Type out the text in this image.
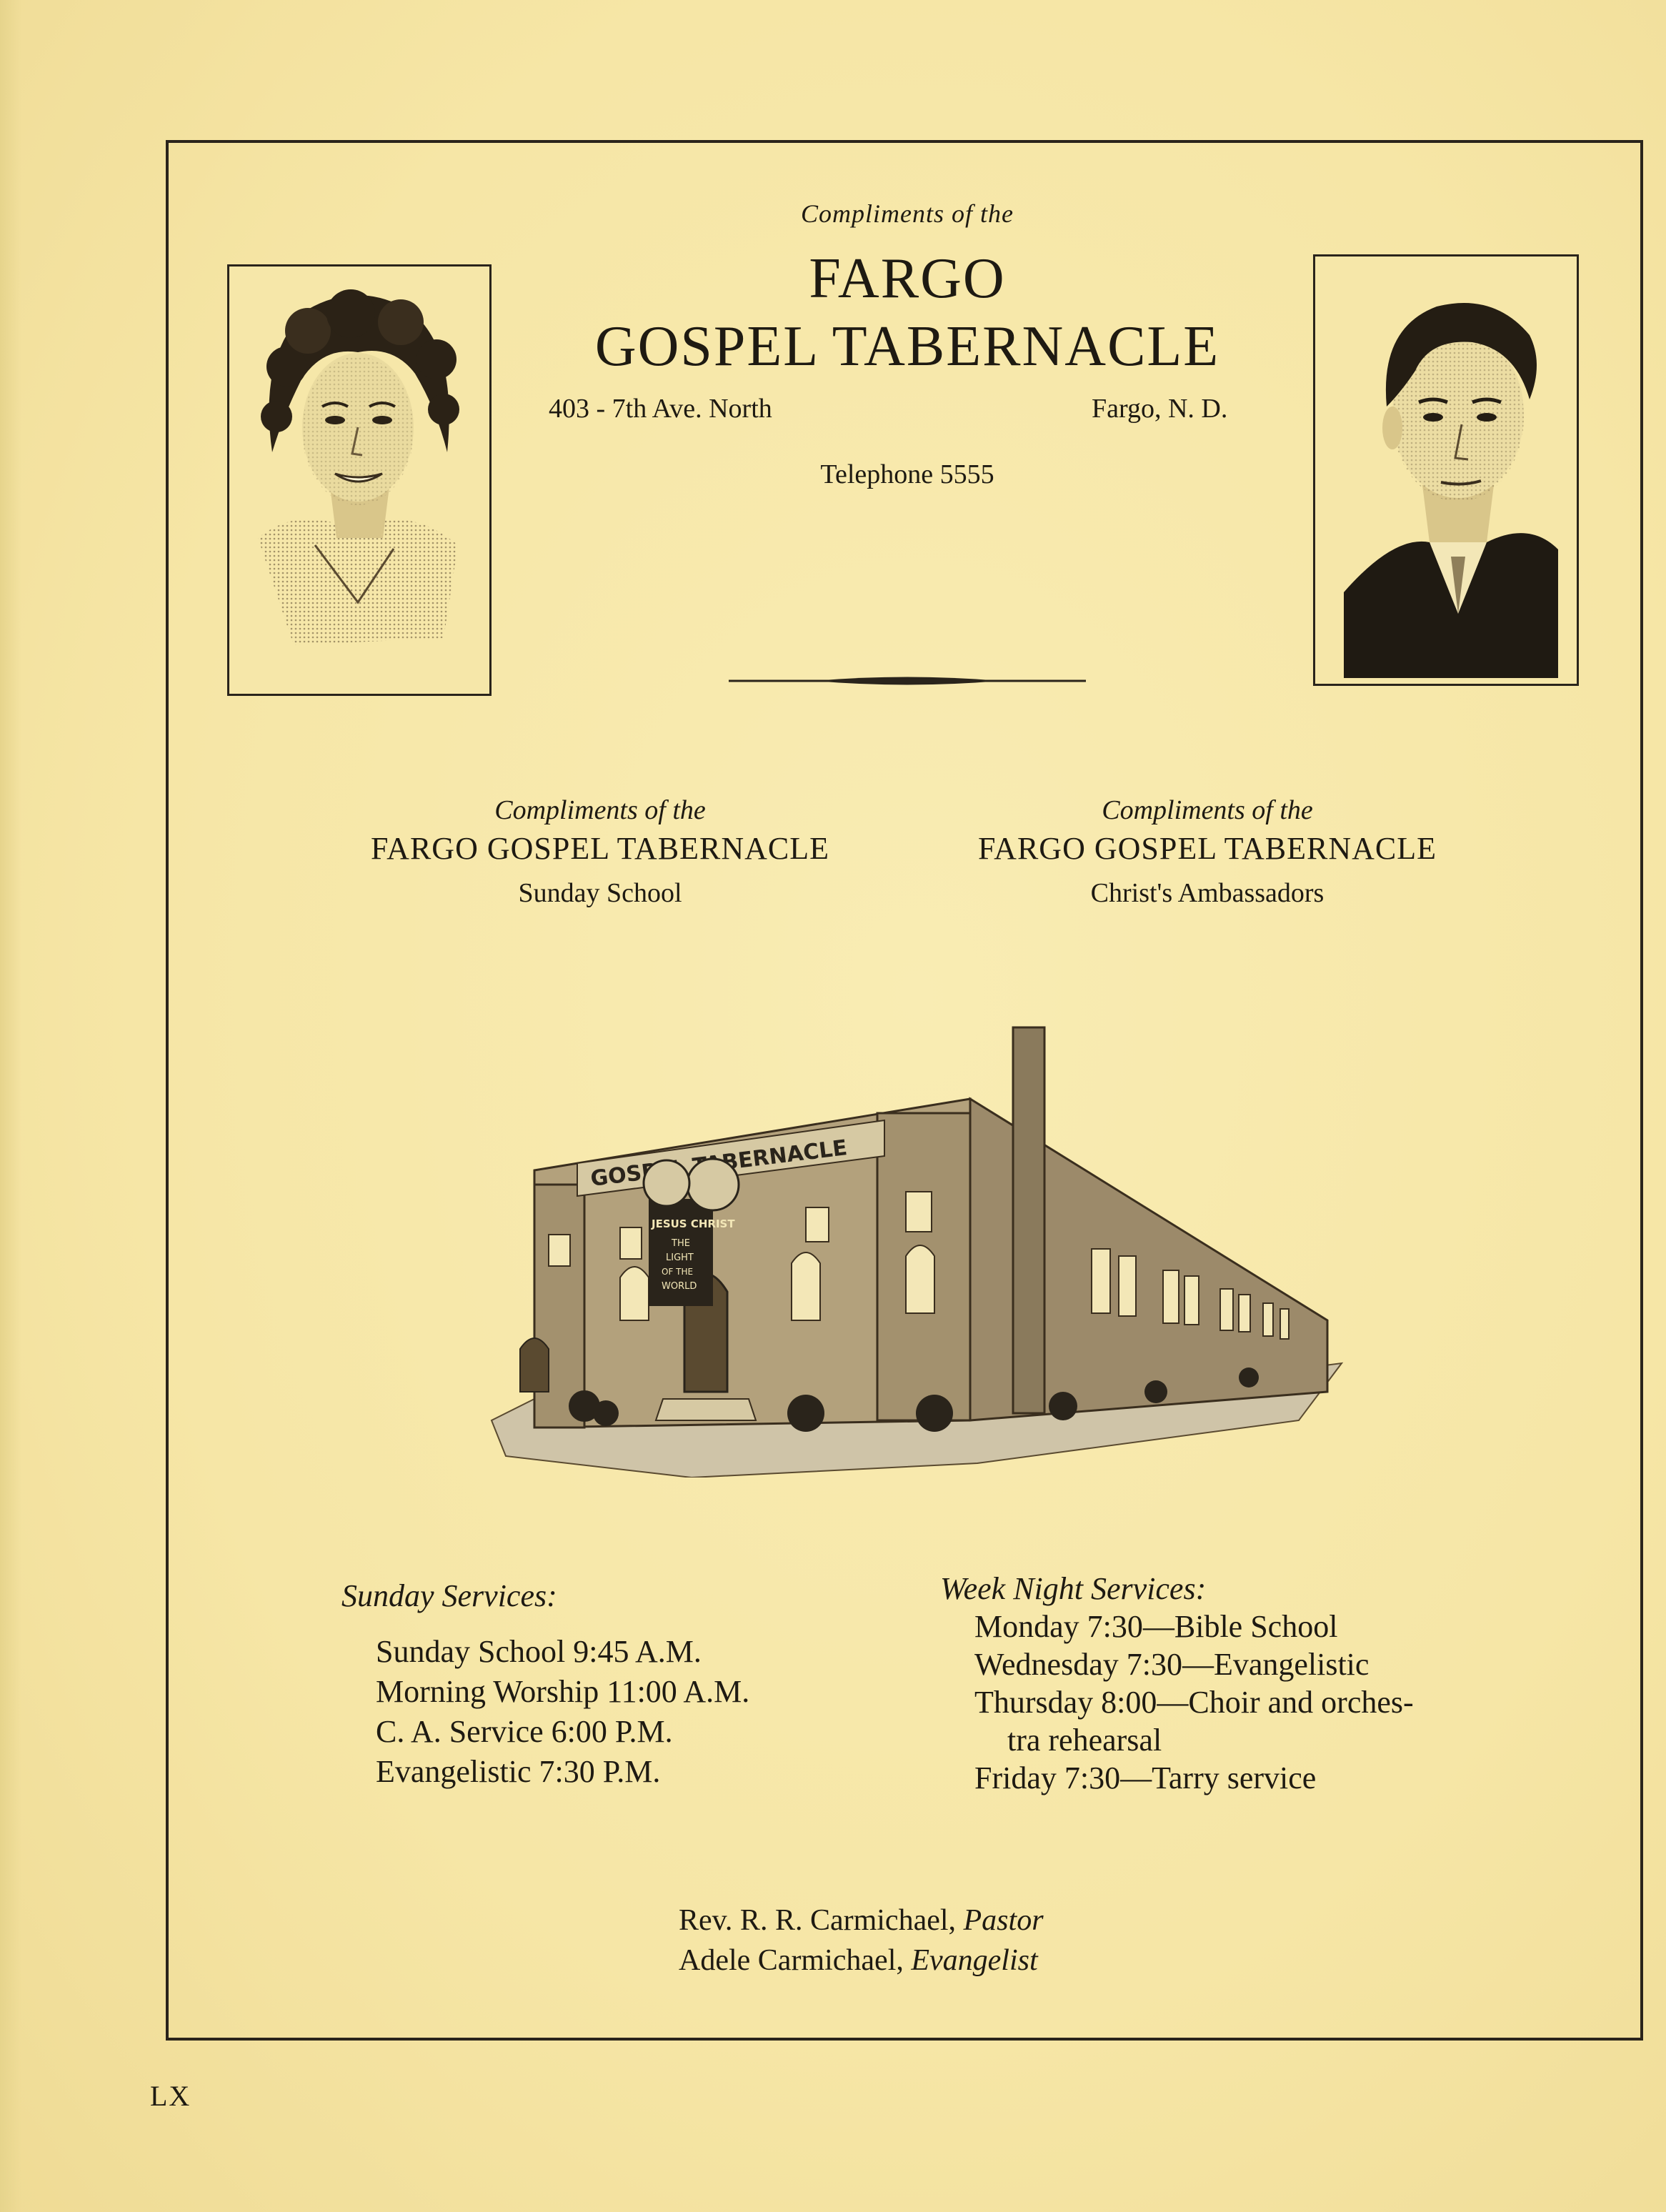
Compliments of the
FARGO
GOSPEL TABERNACLE
403 - 7th Ave. North	Fargo, N. D.
Telephone 5555
Compliments of the
FARGO GOSPEL TABERNACLE
Sunday School
Compliments of the
FARGO GOSPEL TABERNACLE
Christ's Ambassadors
GOSPEL TABERNACLE
JESUS CHRIST
THE
LIGHT
OF THE
WORLD
Sunday Services:
Sunday School 9:45 A.M.
Morning Worship 11:00 A.M.
C. A. Service 6:00 P.M.
Evangelistic 7:30 P.M.
Week Night Services:
Monday 7:30—Bible School
Wednesday 7:30—Evangelistic
Thursday 8:00—Choir and orches-
tra rehearsal
Friday 7:30—Tarry service
Rev. R. R. Carmichael, Pastor
Adele Carmichael, Evangelist
LX
